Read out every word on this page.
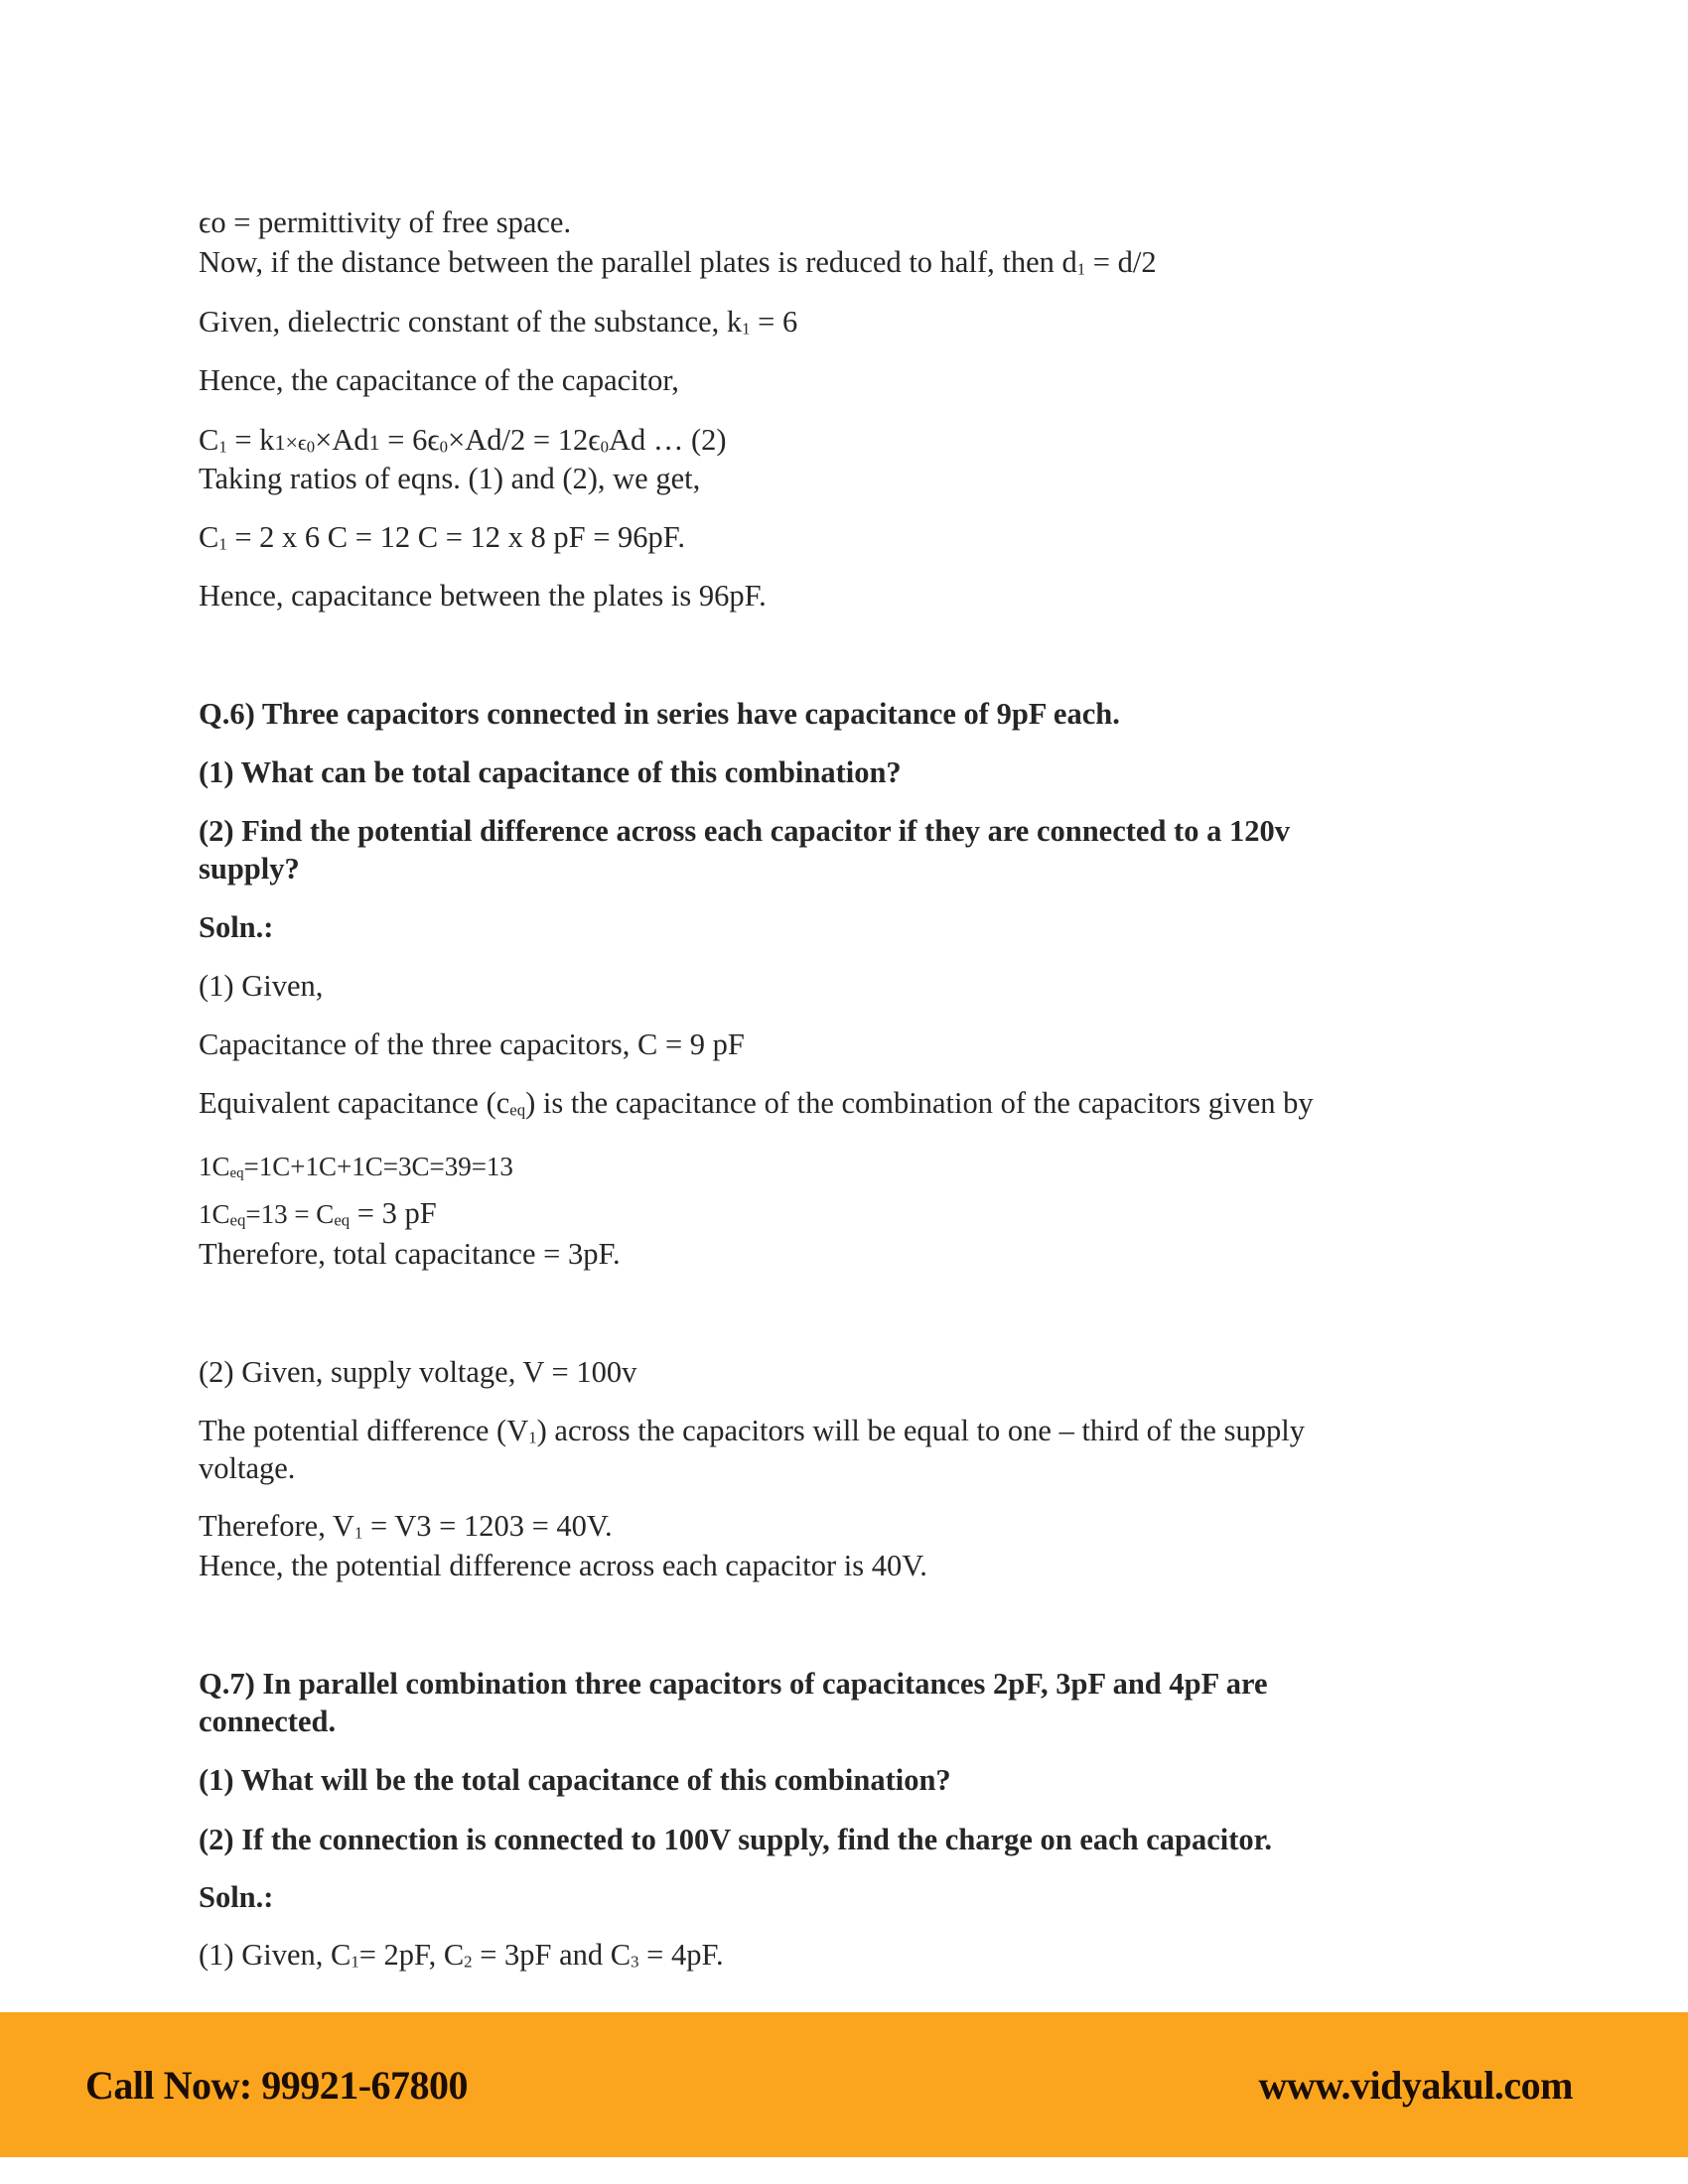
ϵo = permittivity of free space.
Now, if the distance between the parallel plates is reduced to half, then d1 = d/2
Given, dielectric constant of the substance, k1 = 6
Hence, the capacitance of the capacitor,
C1 = k1×ϵ0×Ad1 = 6ϵ0×Ad/2 = 12ϵ0Ad … (2)
Taking ratios of eqns. (1) and (2), we get,
C1 = 2 x 6 C = 12 C = 12 x 8 pF = 96pF.
Hence, capacitance between the plates is 96pF.
Q.6) Three capacitors connected in series have capacitance of 9pF each.
(1) What can be total capacitance of this combination?
(2) Find the potential difference across each capacitor if they are connected to a 120v
supply?
Soln.:
(1) Given,
Capacitance of the three capacitors, C = 9 pF
Equivalent capacitance (ceq) is the capacitance of the combination of the capacitors given by
1Ceq=1C+1C+1C=3C=39=13
1Ceq=13 = Ceq = 3 pF
Therefore, total capacitance = 3pF.
(2) Given, supply voltage, V = 100v
The potential difference (V1) across the capacitors will be equal to one – third of the supply
voltage.
Therefore, V1 = V3 = 1203 = 40V.
Hence, the potential difference across each capacitor is 40V.
Q.7) In parallel combination three capacitors of capacitances 2pF, 3pF and 4pF are
connected.
(1) What will be the total capacitance of this combination?
(2) If the connection is connected to 100V supply, find the charge on each capacitor.
Soln.:
(1) Given, C1= 2pF, C2 = 3pF and C3 = 4pF.
Call Now: 99921-67800	www.vidyakul.com
